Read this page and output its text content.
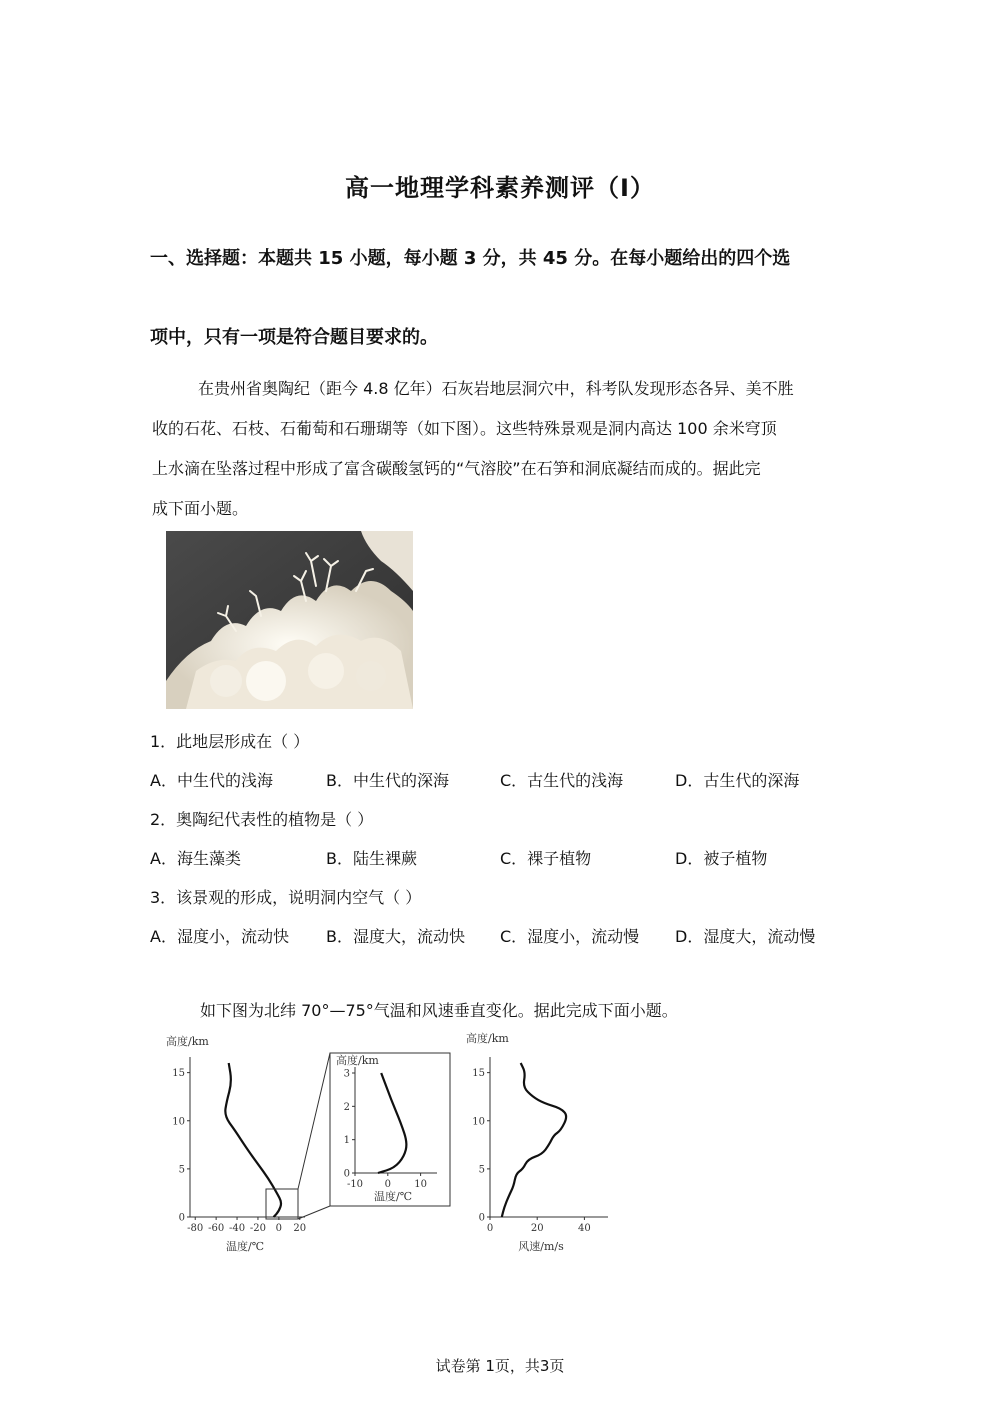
高一地理学科素养测评（Ⅰ）
一、选择题：本题共 15 小题，每小题 3 分，共 45 分。在每小题给出的四个选
项中，只有一项是符合题目要求的。
在贵州省奥陶纪（距今 4.8 亿年）石灰岩地层洞穴中，科考队发现形态各异、美不胜
收的石花、石枝、石葡萄和石珊瑚等（如下图）。这些特殊景观是洞内高达 100 余米穹顶
上水滴在坠落过程中形成了富含碳酸氢钙的“气溶胶”在石笋和洞底凝结而成的。据此完
成下面小题。
1．此地层形成在（ ）
A．中生代的浅海	B．中生代的深海	C．古生代的浅海	D．古生代的深海
2．奥陶纪代表性的植物是（ ）
A．海生藻类	B．陆生裸蕨	C．裸子植物	D．被子植物
3．该景观的形成，说明洞内空气（ ）
A．湿度小，流动快 B．湿度大，流动快 C．湿度小，流动慢 D．湿度大，流动慢
如下图为北纬 70°—75°气温和风速垂直变化。据此完成下面小题。
-80 -60 -40 -20 0 20
0
5
10
15
高度/km
温度/℃
-10 0 10
0
1
2
3
高度/km
温度/℃
0	20	40
0
5
10
15
高度/km
风速/m/s
试卷第 1页，共3页
